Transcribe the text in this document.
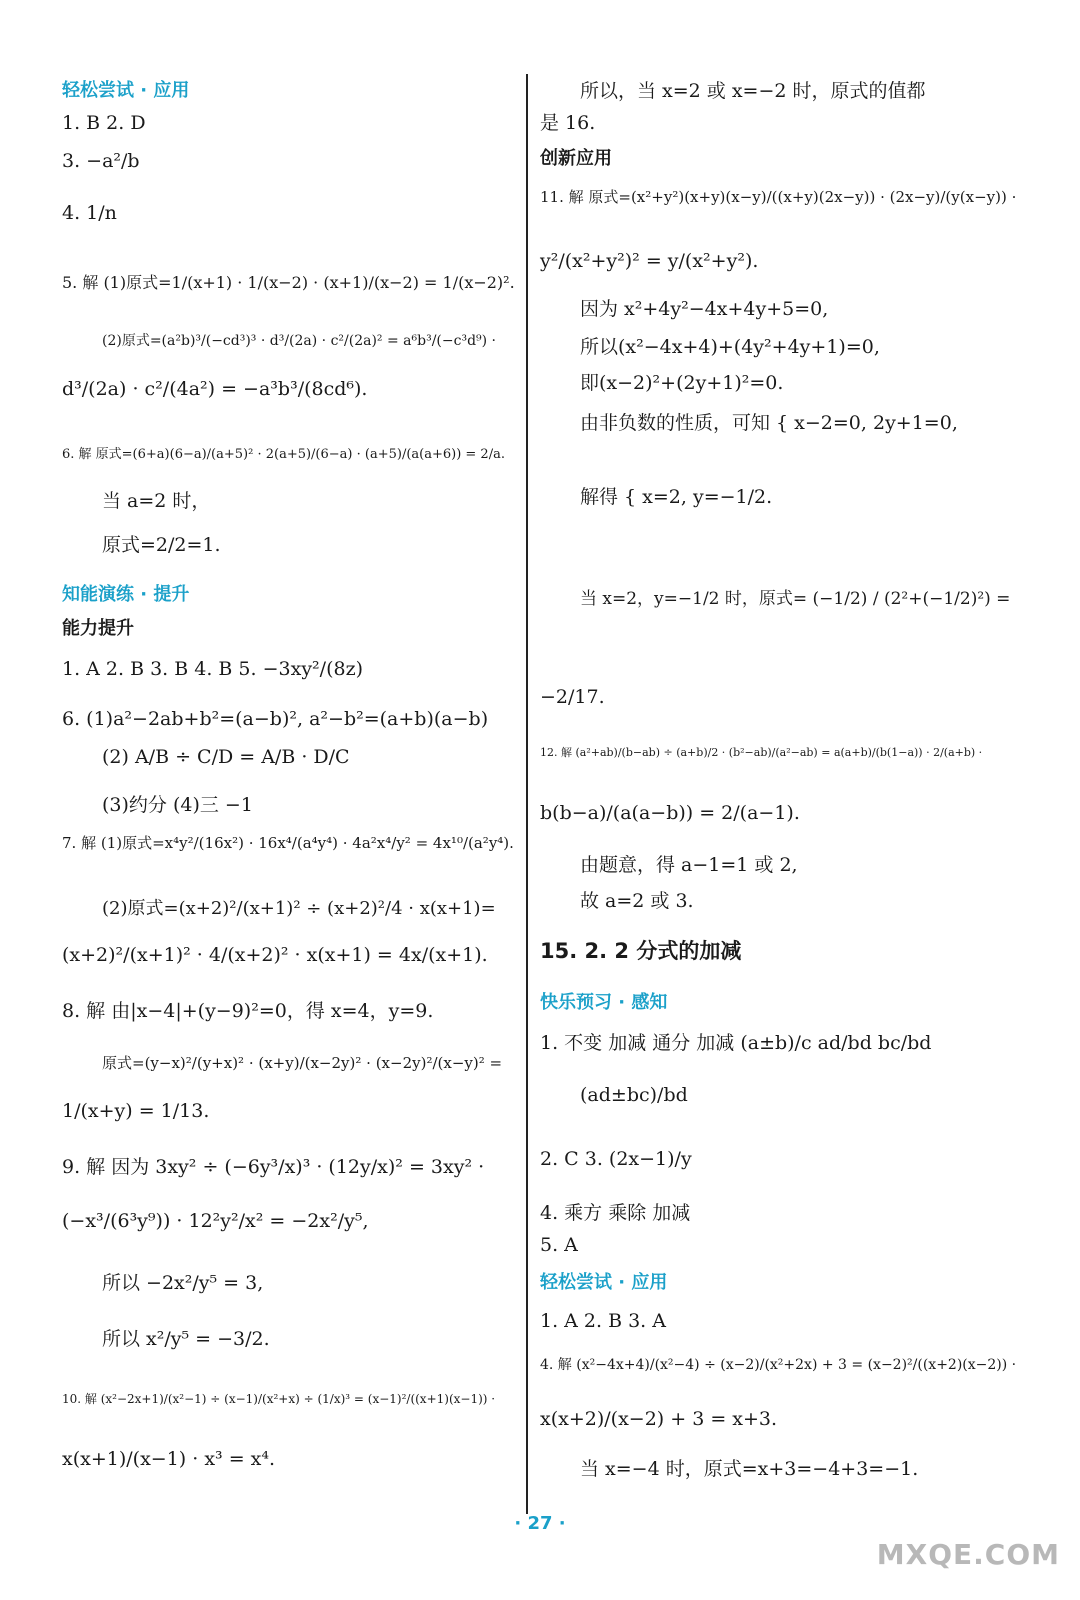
轻松尝试 · 应用
1. B 2. D
3. −a²/b
4. 1/n
5. 解 (1)原式=1/(x+1) · 1/(x−2) · (x+1)/(x−2) = 1/(x−2)².
(2)原式=(a²b)³/(−cd³)³ · d³/(2a) · c²/(2a)² = a⁶b³/(−c³d⁹) ·
d³/(2a) · c²/(4a²) = −a³b³/(8cd⁶).
6. 解 原式=(6+a)(6−a)/(a+5)² · 2(a+5)/(6−a) · (a+5)/(a(a+6)) = 2/a.
当 a=2 时，
原式=2/2=1.
知能演练 · 提升
能力提升
1. A 2. B 3. B 4. B 5. −3xy²/(8z)
6. (1)a²−2ab+b²=(a−b)², a²−b²=(a+b)(a−b)
(2) A/B ÷ C/D = A/B · D/C
(3)约分 (4)三 −1
7. 解 (1)原式=x⁴y²/(16x²) · 16x⁴/(a⁴y⁴) · 4a²x⁴/y² = 4x¹⁰/(a²y⁴).
(2)原式=(x+2)²/(x+1)² ÷ (x+2)²/4 · x(x+1)=
(x+2)²/(x+1)² · 4/(x+2)² · x(x+1) = 4x/(x+1).
8. 解 由|x−4|+(y−9)²=0，得 x=4，y=9.
原式=(y−x)²/(y+x)² · (x+y)/(x−2y)² · (x−2y)²/(x−y)² =
1/(x+y) = 1/13.
9. 解 因为 3xy² ÷ (−6y³/x)³ · (12y/x)² = 3xy² ·
(−x³/(6³y⁹)) · 12²y²/x² = −2x²/y⁵,
所以 −2x²/y⁵ = 3,
所以 x²/y⁵ = −3/2.
10. 解 (x²−2x+1)/(x²−1) ÷ (x−1)/(x²+x) ÷ (1/x)³ = (x−1)²/((x+1)(x−1)) ·
x(x+1)/(x−1) · x³ = x⁴.
所以，当 x=2 或 x=−2 时，原式的值都
是 16.
创新应用
11. 解 原式=(x²+y²)(x+y)(x−y)/((x+y)(2x−y)) · (2x−y)/(y(x−y)) ·
y²/(x²+y²)² = y/(x²+y²).
因为 x²+4y²−4x+4y+5=0,
所以(x²−4x+4)+(4y²+4y+1)=0,
即(x−2)²+(2y+1)²=0.
由非负数的性质，可知 { x−2=0, 2y+1=0,
解得 { x=2, y=−1/2.
当 x=2，y=−1/2 时，原式= (−1/2) / (2²+(−1/2)²) =
−2/17.
12. 解 (a²+ab)/(b−ab) ÷ (a+b)/2 · (b²−ab)/(a²−ab) = a(a+b)/(b(1−a)) · 2/(a+b) ·
b(b−a)/(a(a−b)) = 2/(a−1).
由题意，得 a−1=1 或 2,
故 a=2 或 3.
15. 2. 2 分式的加减
快乐预习 · 感知
1. 不变 加减 通分 加减 (a±b)/c ad/bd bc/bd
(ad±bc)/bd
2. C 3. (2x−1)/y
4. 乘方 乘除 加减
5. A
轻松尝试 · 应用
1. A 2. B 3. A
4. 解 (x²−4x+4)/(x²−4) ÷ (x−2)/(x²+2x) + 3 = (x−2)²/((x+2)(x−2)) ·
x(x+2)/(x−2) + 3 = x+3.
当 x=−4 时，原式=x+3=−4+3=−1.
· 27 ·
MXQE.COM
